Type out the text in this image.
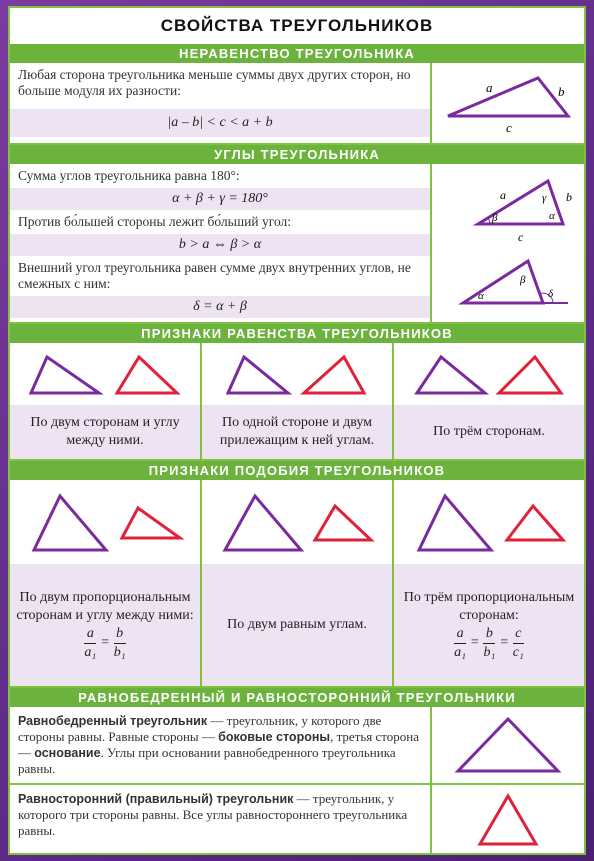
СВОЙСТВА ТРЕУГОЛЬНИКОВ
НЕРАВЕНСТВО ТРЕУГОЛЬНИКА
Любая сторона треугольника меньше суммы двух других сторон, но больше модуля их разности:
|a – b| < c < a + b
a	b
c
УГЛЫ ТРЕУГОЛЬНИКА
Сумма углов треугольника равна 180°:
α + β + γ = 180°
Против бо́льшей стороны лежит бо́льший угол:
b > a ⇔ β > α
Внешний угол треугольника равен сумме двух внутренних углов, не смежных с ним:
δ = α + β
a	b
c
β	α
γ
α
β
δ
ПРИЗНАКИ РАВЕНСТВА ТРЕУГОЛЬНИКОВ
По двум сторонам и углу между ними.
По одной стороне и двум прилежащим к ней углам.
По трём сторонам.
ПРИЗНАКИ ПОДОБИЯ ТРЕУГОЛЬНИКОВ
По двум пропорциональным сторонам и углу между ними:
$\frac{a}{\text{a₁}} = \frac{b}{\text{b₁}}$	По двум равным углам.
По трём пропорциональным сторонам:
$\frac{a}{\text{a₁}} = \frac{b}{\text{b₁}} = \frac{c}{\text{c₁}}$
РАВНОБЕДРЕННЫЙ И РАВНОСТОРОННИЙ ТРЕУГОЛЬНИКИ
Равнобедренный треугольник — треугольник, у которого две стороны равны. Равные стороны — боковые стороны, третья сторона — основание. Углы при основании равнобедренного треугольника равны.
Равносторонний (правильный) треугольник — треугольник, у которого три стороны равны. Все углы равностороннего треугольника равны.
